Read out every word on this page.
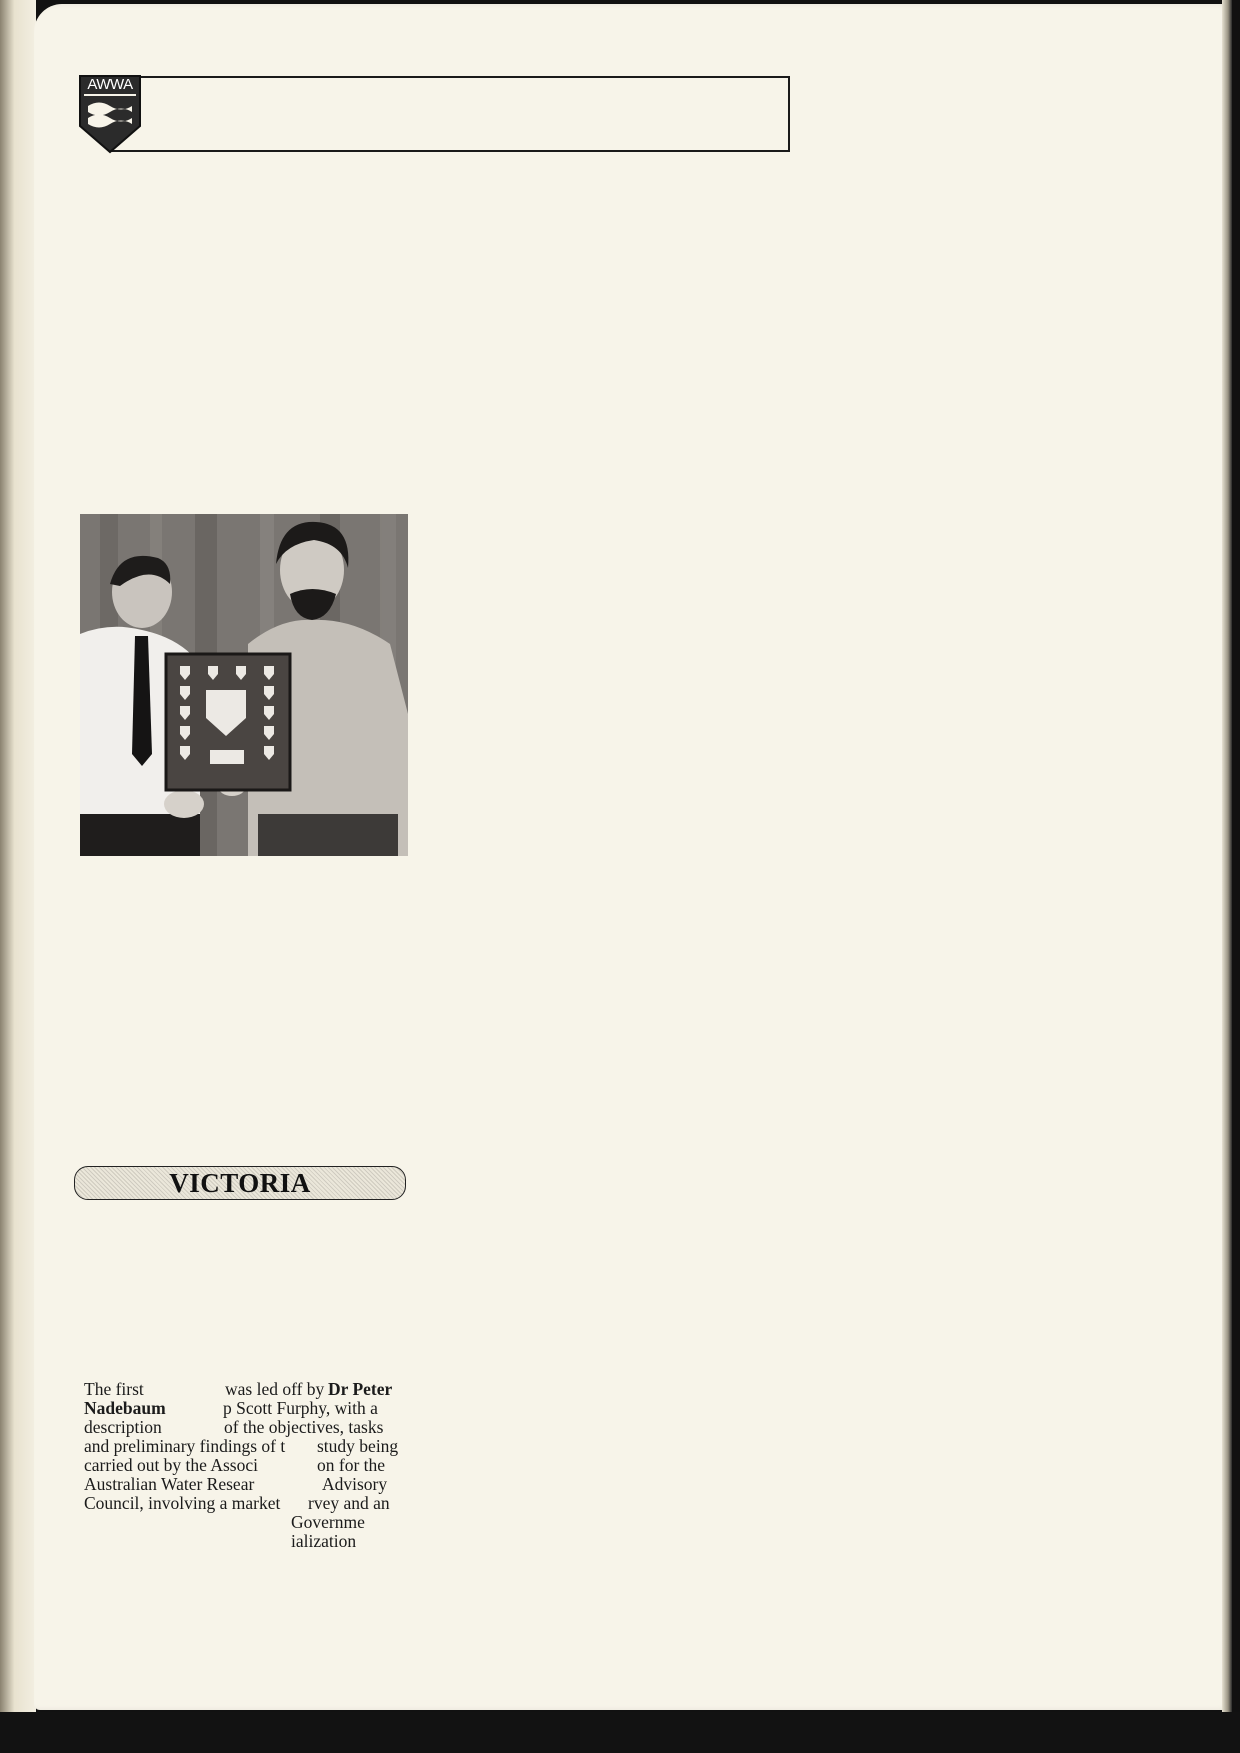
AWWA
VICTORIA
The first	was led off by Dr Peter
Nadebaum	p Scott Furphy, with a
description	of the objectives, tasks
and preliminary findings of t study being
carried out by the Associ	on for the
Australian Water Resear	Advisory
Council, involving a market rvey and an
Governme
ialization
